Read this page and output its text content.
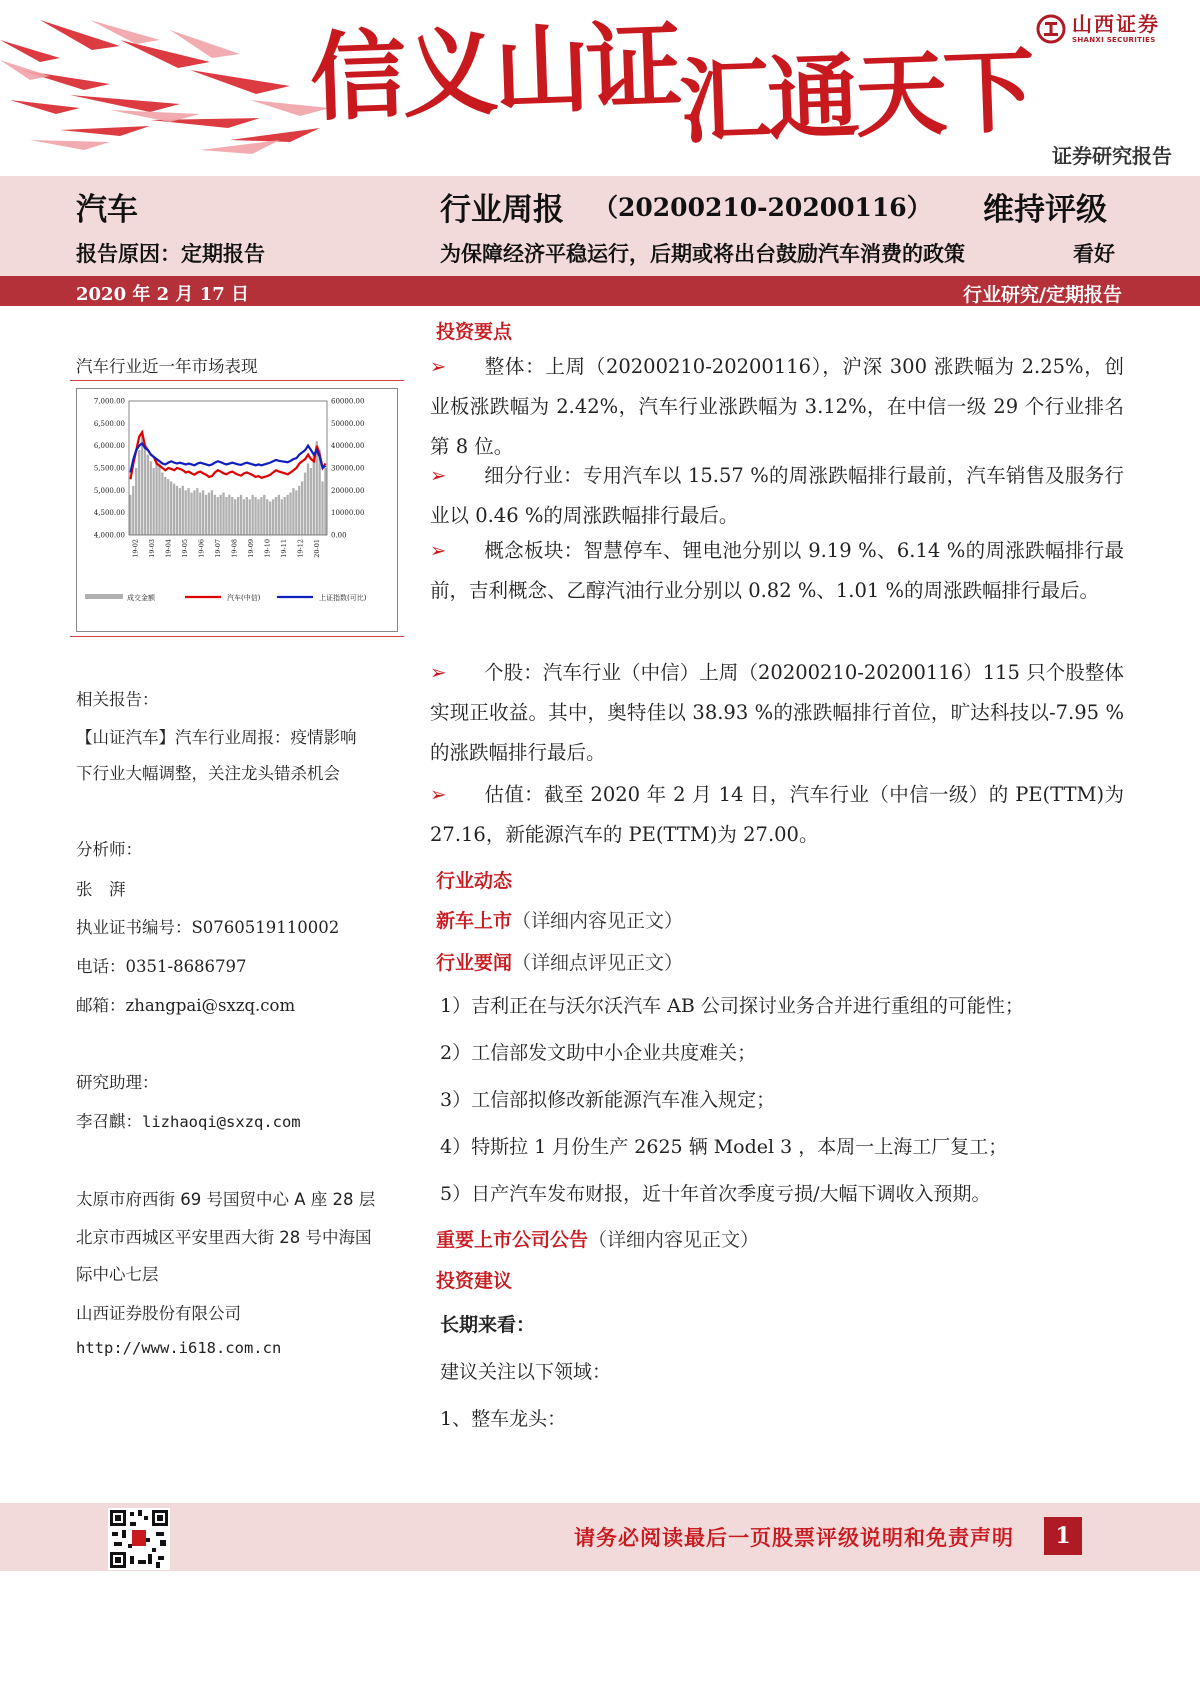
信义山证汇通天下
山西证券
SHANXI SECURITIES
证券研究报告
汽车	行业周报 （20200210-20200116） 维持评级
报告原因：定期报告	为保障经济平稳运行，后期或将出台鼓励汽车消费的政策	看好
2020 年 2 月 17 日	行业研究/定期报告
汽车行业近一年市场表现
7,000.00
6,500.00
6,000.00
5,500.00
5,000.00
4,500.00
4,000.00
60000.00
50000.00
40000.00
30000.00
20000.00
10000.00
0.00
19-02 19-03 19-04 19-05 19-06 19-07 19-08 19-09 19-10 19-11 19-12 20-01
成交金额	汽车(中信)	上证指数(可比)
相关报告：
【山证汽车】汽车行业周报：疫情影响
下行业大幅调整，关注龙头错杀机会
分析师：
张　湃
执业证书编号：S0760519110002
电话：0351-8686797
邮箱：zhangpai@sxzq.com
研究助理：
李召麒：lizhaoqi@sxzq.com
太原市府西街 69 号国贸中心 A 座 28 层
北京市西城区平安里西大街 28 号中海国
际中心七层
山西证券股份有限公司
http://www.i618.com.cn
投资要点
➢ 整体：上周（20200210-20200116），沪深 300 涨跌幅为 2.25%，创业板涨跌幅为 2.42%，汽车行业涨跌幅为 3.12%，在中信一级 29 个行业排名第 8 位。
➢ 细分行业：专用汽车以 15.57 %的周涨跌幅排行最前，汽车销售及服务行业以 0.46 %的周涨跌幅排行最后。
➢ 概念板块：智慧停车、锂电池分别以 9.19 %、6.14 %的周涨跌幅排行最前，吉利概念、乙醇汽油行业分别以 0.82 %、1.01 %的周涨跌幅排行最后。
➢ 个股：汽车行业（中信）上周（20200210-20200116）115 只个股整体实现正收益。其中，奥特佳以 38.93 %的涨跌幅排行首位，旷达科技以-7.95 %的涨跌幅排行最后。
➢ 估值：截至 2020 年 2 月 14 日，汽车行业（中信一级）的 PE(TTM)为 27.16，新能源汽车的 PE(TTM)为 27.00。
行业动态
新车上市（详细内容见正文）
行业要闻（详细点评见正文）
1）吉利正在与沃尔沃汽车 AB 公司探讨业务合并进行重组的可能性；
2）工信部发文助中小企业共度难关；
3）工信部拟修改新能源汽车准入规定；
4）特斯拉 1 月份生产 2625 辆 Model 3 ，本周一上海工厂复工；
5）日产汽车发布财报，近十年首次季度亏损/大幅下调收入预期。
重要上市公司公告（详细内容见正文）
投资建议
长期来看：
建议关注以下领域：
1、整车龙头：
请务必阅读最后一页股票评级说明和免责声明	1
